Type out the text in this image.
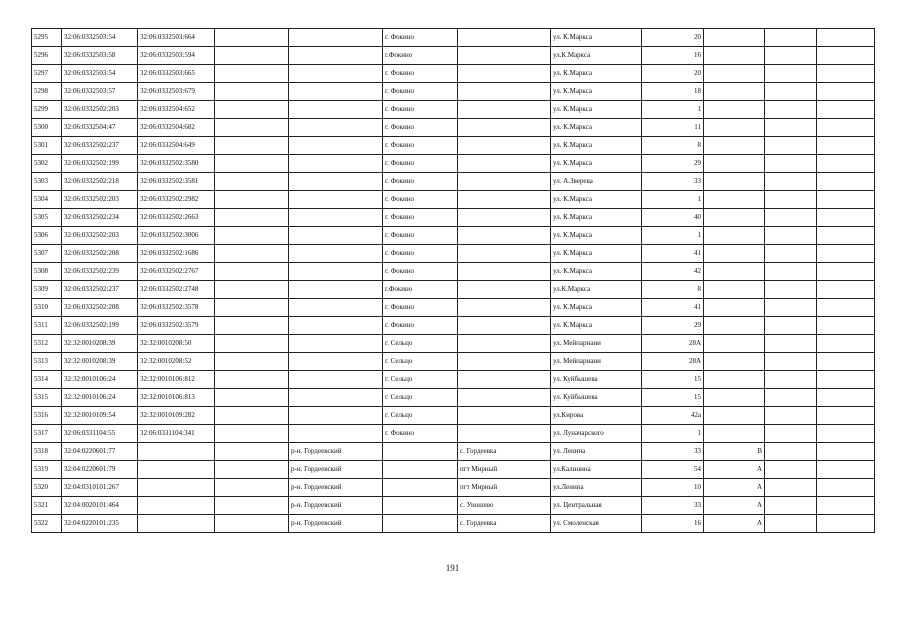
5295	32:06:0332503:54	32:06:0332503:664			г. Фокино		ул. К.Маркса	20			
5296	32:06:0332503:58	32:06:0332503:594			г.Фокино		ул.К.Маркса	16			
5297	32:06:0332503:54	32:06:0332503:665			г. Фокино		ул. К.Маркса	20			
5298	32:06:0332503:57	32:06:0332503:679			г. Фокино		ул. К.Маркса	18			
5299	32:06:0332502:203	32:06:0332504:652			г. Фокино		ул. К.Маркса	1			
5300	32:06:0332504:47	32:06:0332504:682			г. Фокино		ул. К.Маркса	11			
5301	32:06:0332502:237	32:06:0332504:649			г. Фокино		ул. К.Маркса	8			
5302	32:06:0332502:199	32:06:0332502:3580			г. Фокино		ул. К.Маркса	29			
5303	32:06:0332502:218	32:06:0332502:3581			г. Фокино		ул. А.Зверева	33			
5304	32:06:0332502:203	32:06:0332502:2982			г. Фокино		ул. К.Маркса	1			
5305	32:06:0332502:234	32:06:0332502:2663			г. Фокино		ул. К.Маркса	40			
5306	32:06:0332502:203	32:06:0332502:3006			г. Фокино		ул. К.Маркса	1			
5307	32:06:0332502:208	32:06:0332502:1686			г. Фокино		ул. К.Маркса	41			
5308	32:06:0332502:239	32:06:0332502:2767			г. Фокино		ул. К.Маркса	42			
5309	32:06:0332502:237	32:06:0332502:2748			г.Фокино		ул.К.Маркса	8			
5310	32:06:0332502:208	32:06:0332502:3578			г. Фокино		ул. К.Маркса	41			
5311	32:06:0332502:199	32:06:0332502:3579			г. Фокино		ул. К.Маркса	29			
5312	32:32:0010208:39	32:32:0010208:50			г. Сельцо		ул. Мейпариани	28А			
5313	32:32:0010208:39	32:32:0010208:52			г. Сельцо		ул. Мейпариани	28А			
5314	32:32:0010106:24	32:32:0010106:812			г. Сельцо		ул. Куйбышева	15			
5315	32:32:0010106:24	32:32:0010106:813			г. Сельцо		ул. Куйбышева	15			
5316	32:32:0010109:54	32:32:0010109:282			г. Сельцо		ул.Кирова	42а			
5317	32:06:0331104:55	32:06:0331104:341			г. Фокино		ул. Луначарского	1			
5318	32:04:0220601:77			р-н. Гордеевский		с. Гордеевка	ул. Ленина	33	В		
5319	32:04:0220601:79			р-н. Гордеевский		пгт Мирный	ул.Калинина	54	А		
5320	32:04:0310101:267			р-н. Гордеевский		пгт Мирный	ул.Ленина	10	А		
5321	32:04:0020101:464			р-н. Гордеевский		с. Уношево	ул. Центральная	33	А		
5322	32:04:0220101:235			р-н. Гордеевский		с. Гордеевка	ул. Смоленская	16	А		
191
